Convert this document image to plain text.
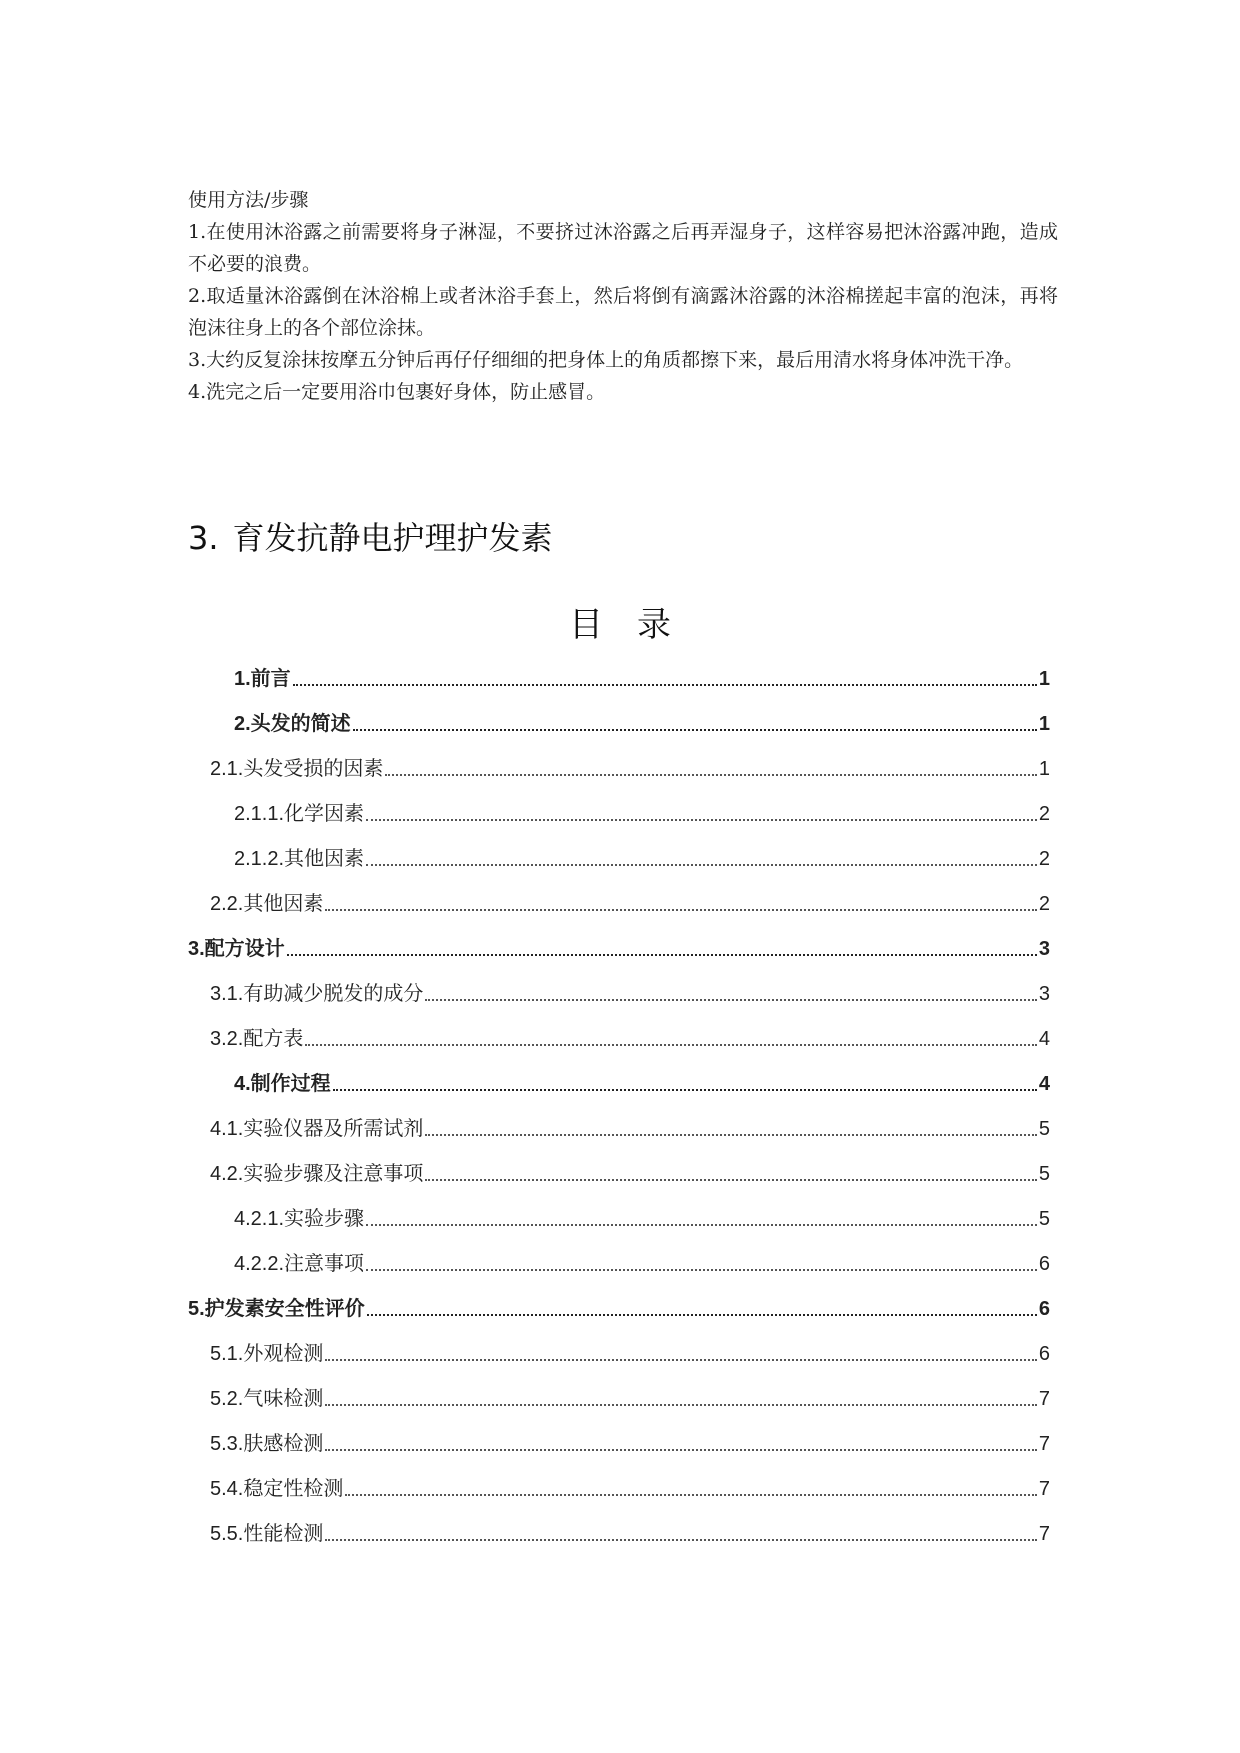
使用方法/步骤
1.在使用沐浴露之前需要将身子淋湿，不要挤过沐浴露之后再弄湿身子，这样容易把沐浴露冲跑，造成不必要的浪费。
2.取适量沐浴露倒在沐浴棉上或者沐浴手套上，然后将倒有滴露沐浴露的沐浴棉搓起丰富的泡沫，再将泡沫往身上的各个部位涂抹。
3.大约反复涂抹按摩五分钟后再仔仔细细的把身体上的角质都擦下来，最后用清水将身体冲洗干净。
4.洗完之后一定要用浴巾包裹好身体，防止感冒。
3. 育发抗静电护理护发素
目录
1.前言	1
2.头发的简述	1
2.1.头发受损的因素	1
2.1.1.化学因素	2
2.1.2.其他因素	2
2.2.其他因素	2
3.配方设计	3
3.1.有助减少脱发的成分	3
3.2.配方表	4
4.制作过程	4
4.1.实验仪器及所需试剂	5
4.2.实验步骤及注意事项	5
4.2.1.实验步骤	5
4.2.2.注意事项	6
5.护发素安全性评价	6
5.1.外观检测	6
5.2.气味检测	7
5.3.肤感检测	7
5.4.稳定性检测	7
5.5.性能检测	7
